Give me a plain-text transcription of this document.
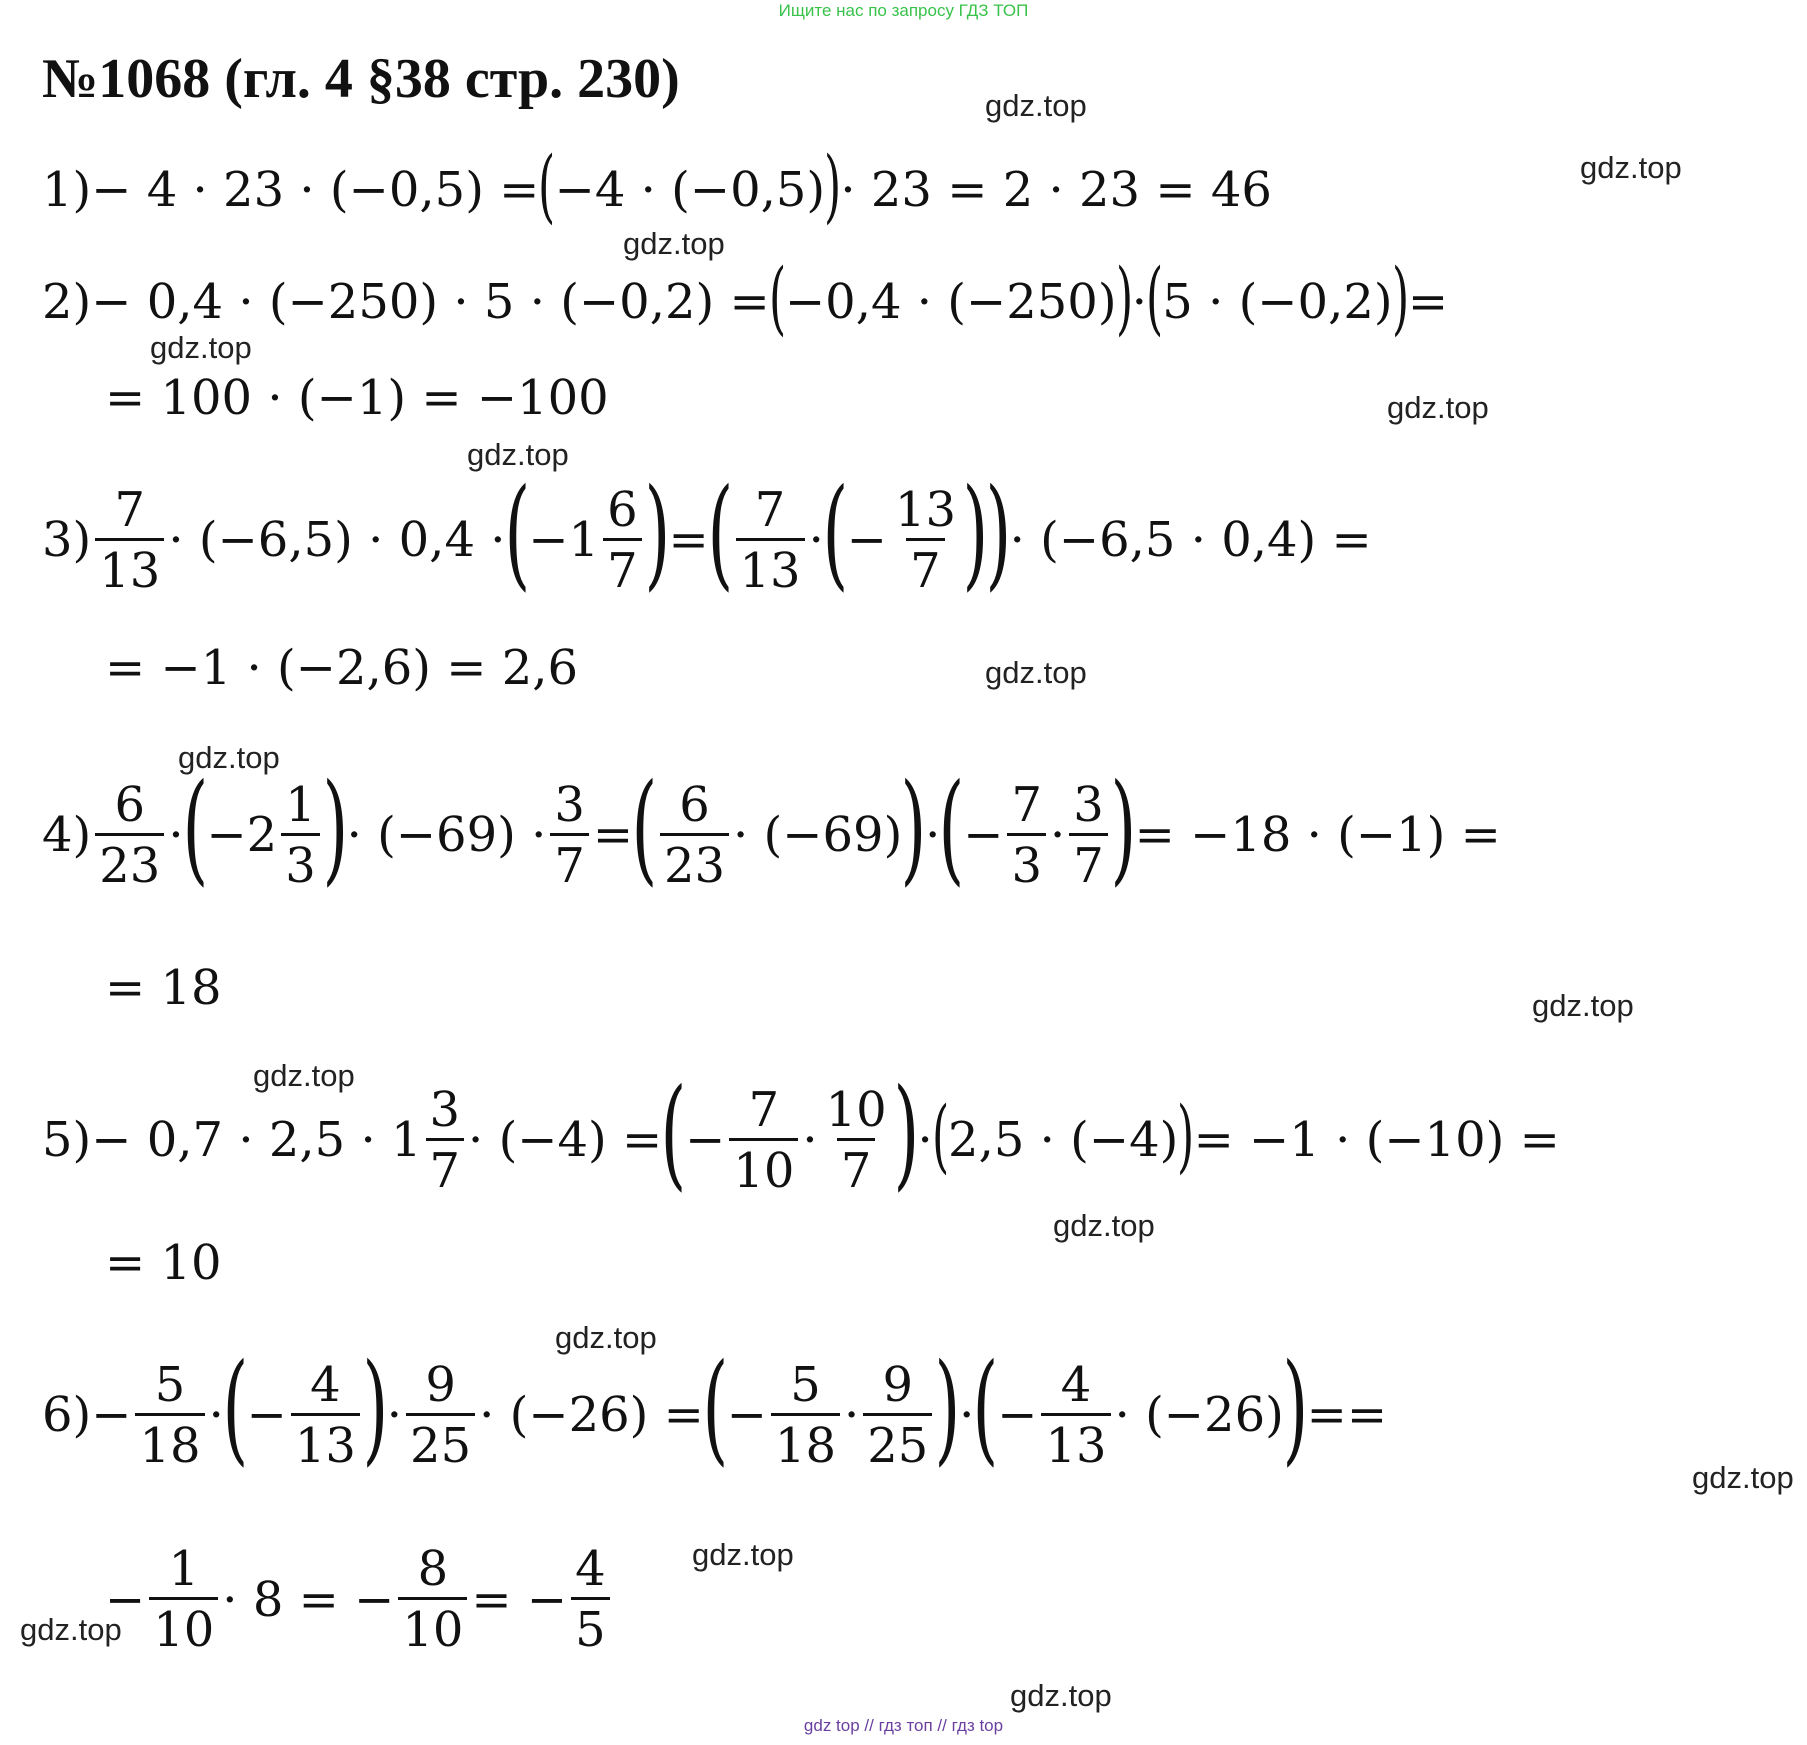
Ищите нас по запросу ГДЗ ТОП
№1068 (гл. 4 §38 стр. 230)	gdz.top
gdz.top
gdz.top
gdz.top
gdz.top
gdz.top
gdz.top
gdz.top
gdz.top
gdz.top
gdz.top
gdz.top
gdz.top
gdz.top
gdz.top
gdz.top
1) − 4 · 23 · (−0,5) = ( −4 · (−0,5) ) · 23 = 2 · 23 = 46
2) − 0,4 · (−250) · 5 · (−0,2) = ( −0,4 · (−250) ) · ( 5 · (−0,2) ) =
= 100 · (−1) = −100
$3) \frac{7}{13} \cdot (-6,5) \cdot 0,4$ ·
(
$-1 \frac{6}{7}$ )
=
( $\frac{7}{13}$ ·
(
− $\frac{13}{7}$ )
)
· (−6,5 · 0,4) =
= −1 · (−2,6) = 2,6
$4) \frac{6}{23}$ ·
(
$-2 \frac{1}{3}$ )
· $(-69) \cdot \frac{3}{7}$ =
( $\frac{6}{23} \cdot (-69)$
)
·
(
− $\frac{7}{3} \cdot \frac{3}{7}$ )
= −18 · (−1) =
= 18
$5) - 0,7 \cdot 2,5 \cdot 1 \frac{3}{7} \cdot (-4)$ =
(
− $\frac{7}{10} \cdot \frac{10}{7}$ )
· ( 2,5 · (−4) ) = −1 · (−10) =
= 10
$6) - \frac{5}{18}$ ·
(
− $\frac{4}{13}$ )
· $\frac{9}{25} \cdot (-26)$ =
(
− $\frac{5}{18} \cdot \frac{9}{25}$ )
·
(
− $\frac{4}{13} \cdot (-26)$
)
==
− $\frac{1}{10} \cdot 8$ = − $\frac{8}{10}$ = − $\frac{4}{5}$
gdz top // гдз топ // гдз top
